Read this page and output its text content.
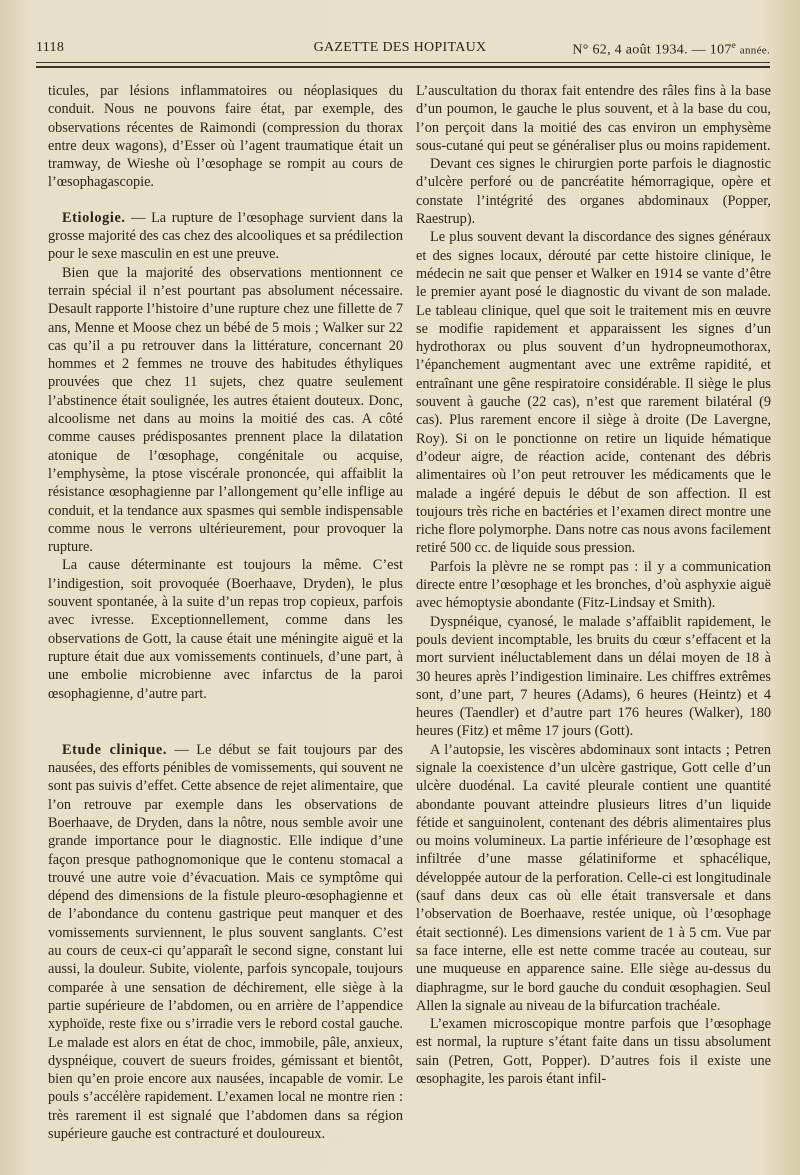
1118	GAZETTE DES HOPITAUX	N° 62, 4 août 1934. — 107e année.

ticules, par lésions inflammatoires ou néoplasiques du conduit. Nous ne pouvons faire état, par exemple, des observations récentes de Raimondi (compression du thorax entre deux wagons), d’Esser où l’agent traumatique était un tramway, de Wieshe où l’œsophage se rompit au cours de l’œsophagascopie.

Etiologie. — La rupture de l’œsophage survient dans la grosse majorité des cas chez des alcooliques et sa prédilection pour le sexe masculin en est une preuve.

Bien que la majorité des observations mentionnent ce terrain spécial il n’est pourtant pas absolument nécessaire. Desault rapporte l’histoire d’une rupture chez une fillette de 7 ans, Menne et Moose chez un bébé de 5 mois ; Walker sur 22 cas qu’il a pu retrouver dans la littérature, concernant 20 hommes et 2 femmes ne trouve des habitudes éthyliques prouvées que chez 11 sujets, chez quatre seulement l’abstinence était soulignée, les autres étaient douteux. Donc, alcoolisme net dans au moins la moitié des cas. A côté comme causes prédisposantes prennent place la dilatation atonique de l’œsophage, congénitale ou acquise, l’emphysème, la ptose viscérale prononcée, qui affaiblit la résistance œsophagienne par l’allongement qu’elle inflige au conduit, et la tendance aux spasmes qui semble indispensable comme nous le verrons ultérieurement, pour provoquer la rupture.

La cause déterminante est toujours la même. C’est l’indigestion, soit provoquée (Boerhaave, Dryden), le plus souvent spontanée, à la suite d’un repas trop copieux, parfois avec ivresse. Exceptionnellement, comme dans les observations de Gott, la cause était une méningite aiguë et la rupture était due aux vomissements continuels, d’une part, à une embolie microbienne avec infarctus de la paroi œsophagienne, d’autre part.

Etude clinique. — Le début se fait toujours par des nausées, des efforts pénibles de vomissements, qui souvent ne sont pas suivis d’effet. Cette absence de rejet alimentaire, que l’on retrouve par exemple dans les observations de Boerhaave, de Dryden, dans la nôtre, nous semble avoir une grande importance pour le diagnostic. Elle indique d’une façon presque pathognomonique que le contenu stomacal a trouvé une autre voie d’évacuation. Mais ce symptôme qui dépend des dimensions de la fistule pleuro-œsophagienne et de l’abondance du contenu gastrique peut manquer et des vomissements surviennent, le plus souvent sanglants. C’est au cours de ceux-ci qu’apparaît le second signe, constant lui aussi, la douleur. Subite, violente, parfois syncopale, toujours comparée à une sensation de déchirement, elle siège à la partie supérieure de l’abdomen, ou en arrière de l’appendice xyphoïde, reste fixe ou s’irradie vers le rebord costal gauche. Le malade est alors en état de choc, immobile, pâle, anxieux, dyspnéique, couvert de sueurs froides, gémissant et bientôt, bien qu’en proie encore aux nausées, incapable de vomir. Le pouls s’accélère rapidement. L’examen local ne montre rien : très rarement il est signalé que l’abdomen dans sa région supérieure gauche est contracturé et douloureux.

L’auscultation du thorax fait entendre des râles fins à la base d’un poumon, le gauche le plus souvent, et à la base du cou, l’on perçoit dans la moitié des cas environ un emphysème sous-cutané qui peut se généraliser plus ou moins rapidement.

Devant ces signes le chirurgien porte parfois le diagnostic d’ulcère perforé ou de pancréatite hémorragique, opère et constate l’intégrité des organes abdominaux (Popper, Raestrup).

Le plus souvent devant la discordance des signes généraux et des signes locaux, dérouté par cette histoire clinique, le médecin ne sait que penser et Walker en 1914 se vante d’être le premier ayant posé le diagnostic du vivant de son malade. Le tableau clinique, quel que soit le traitement mis en œuvre se modifie rapidement et apparaissent les signes d’un hydrothorax ou plus souvent d’un hydropneumothorax, l’épanchement augmentant avec une extrême rapidité, et entraînant une gêne respiratoire considérable. Il siège le plus souvent à gauche (22 cas), n’est que rarement bilatéral (9 cas). Plus rarement encore il siège à droite (De Lavergne, Roy). Si on le ponctionne on retire un liquide hématique d’odeur aigre, de réaction acide, contenant des débris alimentaires où l’on peut retrouver les médicaments que le malade a ingéré depuis le début de son affection. Il est toujours très riche en bactéries et l’examen direct montre une riche flore polymorphe. Dans notre cas nous avons facilement retiré 500 cc. de liquide sous pression.

Parfois la plèvre ne se rompt pas : il y a communication directe entre l’œsophage et les bronches, d’où asphyxie aiguë avec hémoptysie abondante (Fitz-Lindsay et Smith).

Dyspnéique, cyanosé, le malade s’affaiblit rapidement, le pouls devient incomptable, les bruits du cœur s’effacent et la mort survient inéluctablement dans un délai moyen de 18 à 30 heures après l’indigestion liminaire. Les chiffres extrêmes sont, d’une part, 7 heures (Adams), 6 heures (Heintz) et 4 heures (Taendler) et d’autre part 176 heures (Walker), 180 heures (Fitz) et même 17 jours (Gott).

A l’autopsie, les viscères abdominaux sont intacts ; Petren signale la coexistence d’un ulcère gastrique, Gott celle d’un ulcère duodénal. La cavité pleurale contient une quantité abondante pouvant atteindre plusieurs litres d’un liquide fétide et sanguinolent, contenant des débris alimentaires plus ou moins volumineux. La partie inférieure de l’œsophage est infiltrée d’une masse gélatiniforme et sphacélique, développée autour de la perforation. Celle-ci est longitudinale (sauf dans deux cas où elle était transversale et dans l’observation de Boerhaave, restée unique, où l’œsophage était sectionné). Les dimensions varient de 1 à 5 cm. Vue par sa face interne, elle est nette comme tracée au couteau, sur une muqueuse en apparence saine. Elle siège au-dessus du diaphragme, sur le bord gauche du conduit œsophagien. Seul Allen la signale au niveau de la bifurcation trachéale.

L’examen microscopique montre parfois que l’œsophage est normal, la rupture s’étant faite dans un tissu absolument sain (Petren, Gott, Popper). D’autres fois il existe une œsophagite, les parois étant infil-
